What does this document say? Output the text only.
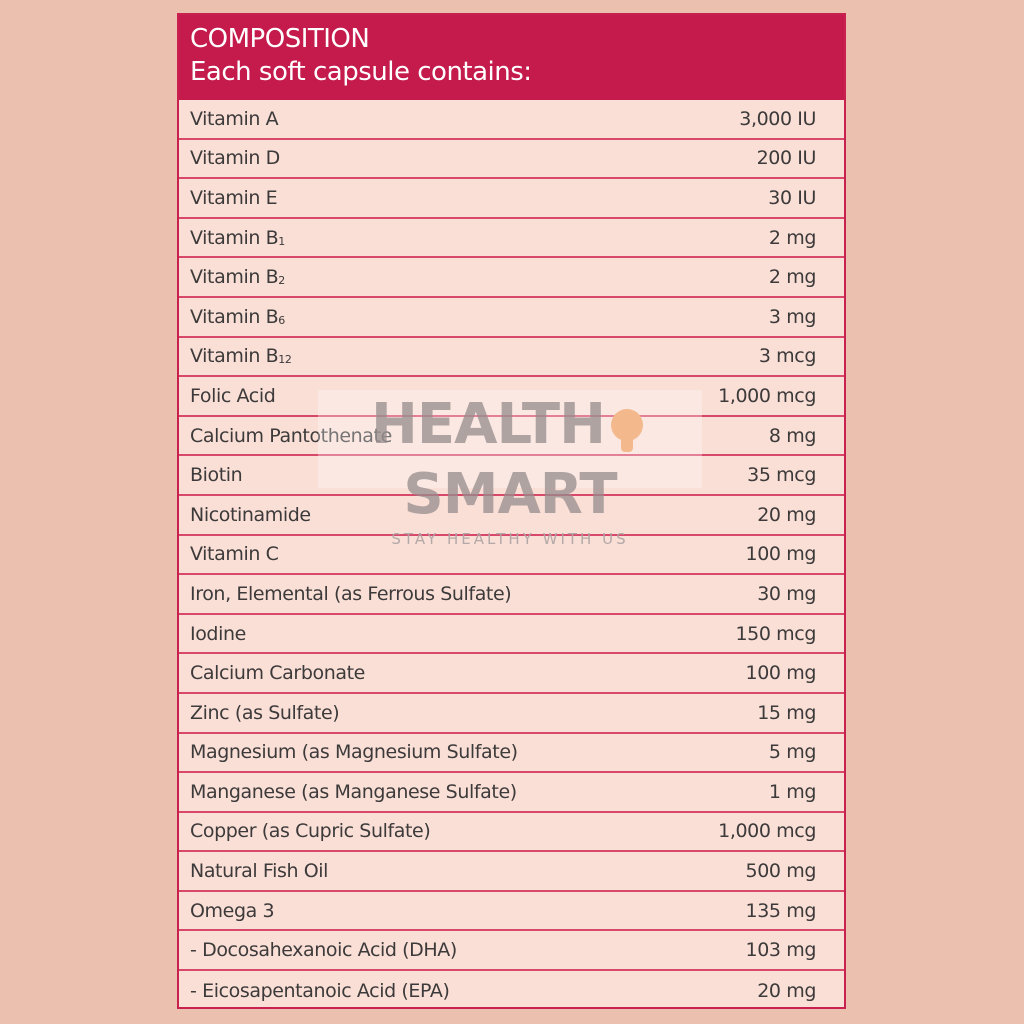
COMPOSITION
Each soft capsule contains:
Vitamin A	3,000 IU
Vitamin D	200 IU
Vitamin E	30 IU
Vitamin $B_1$	2 mg
Vitamin $B_2$	2 mg
Vitamin $B_6$	3 mg
Vitamin $B_{12}$	3 mcg
Folic Acid	1,000 mcg
Calcium Pantothenate	8 mg
Biotin	35 mcg
Nicotinamide	20 mg
Vitamin C	100 mg
Iron, Elemental (as Ferrous Sulfate)	30 mg
Iodine	150 mcg
Calcium Carbonate	100 mg
Zinc (as Sulfate)	15 mg
Magnesium (as Magnesium Sulfate)	5 mg
Manganese (as Manganese Sulfate)	1 mg
Copper (as Cupric Sulfate)	1,000 mcg
Natural Fish Oil	500 mg
Omega 3	135 mg
- Docosahexanoic Acid (DHA)	103 mg
- Eicosapentanoic Acid (EPA)	20 mg
HEALTHSMART
STAY HEALTHY WITH US
